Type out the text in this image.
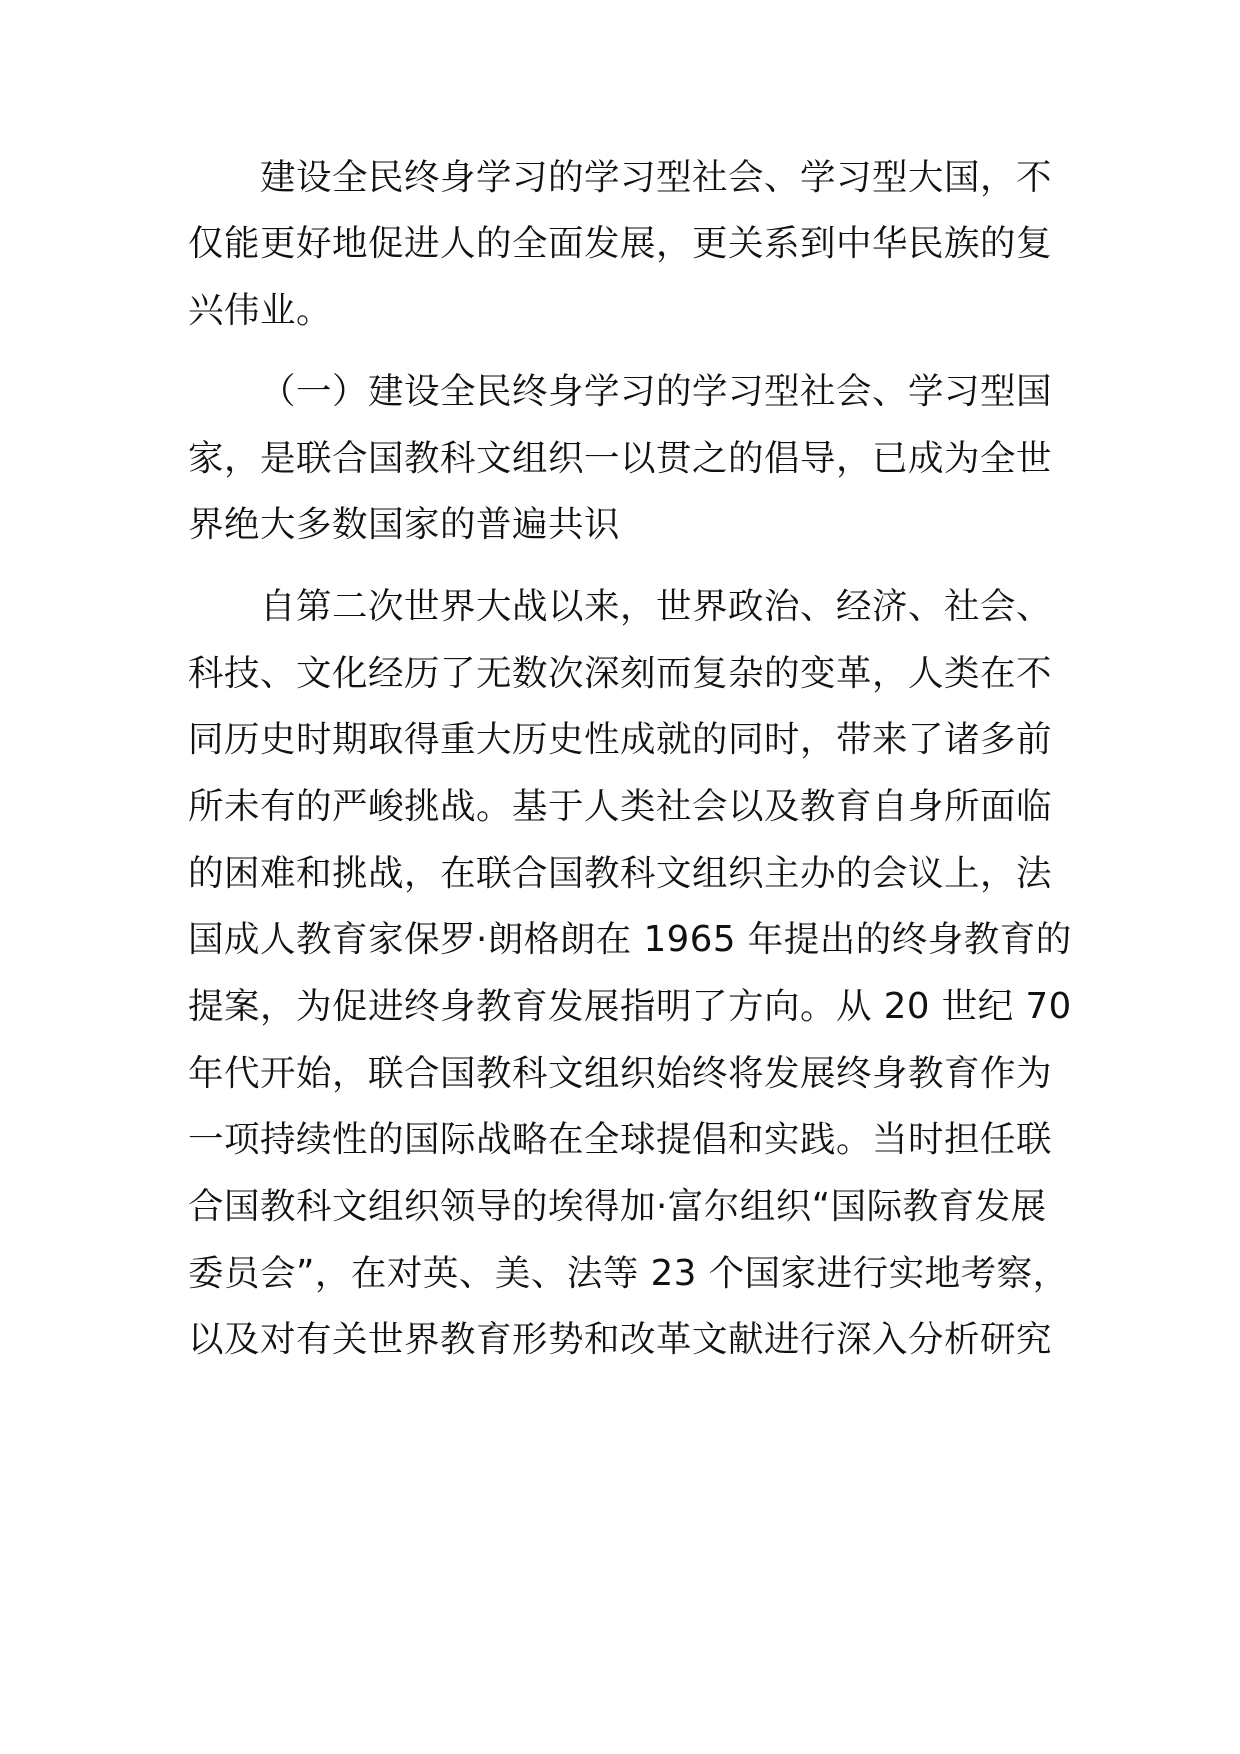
建设全民终身学习的学习型社会、学习型大国，不

仅能更好地促进人的全面发展，更关系到中华民族的复

兴伟业。

（一）建设全民终身学习的学习型社会、学习型国

家，是联合国教科文组织一以贯之的倡导，已成为全世

界绝大多数国家的普遍共识

自第二次世界大战以来，世界政治、经济、社会、

科技、文化经历了无数次深刻而复杂的变革，人类在不

同历史时期取得重大历史性成就的同时，带来了诸多前

所未有的严峻挑战。基于人类社会以及教育自身所面临

的困难和挑战，在联合国教科文组织主办的会议上，法

国成人教育家保罗·朗格朗在 1965 年提出的终身教育的

提案，为促进终身教育发展指明了方向。从 20 世纪 70

年代开始，联合国教科文组织始终将发展终身教育作为

一项持续性的国际战略在全球提倡和实践。当时担任联

合国教科文组织领导的埃得加·富尔组织“国际教育发展

委员会”，在对英、美、法等 23 个国家进行实地考察，

以及对有关世界教育形势和改革文献进行深入分析研究
